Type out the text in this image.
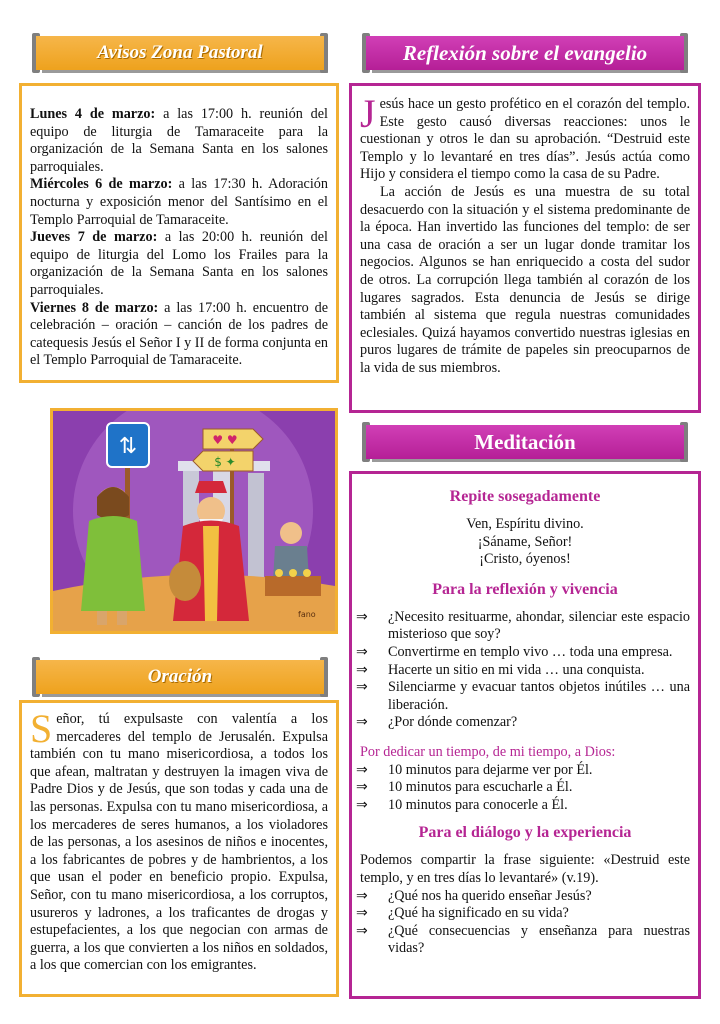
Avisos Zona Pastoral

Lunes 4 de marzo: a las 17:00 h. reunión del equipo de liturgia de Tamaraceite para la organización de la Semana Santa en los salones parroquiales.

Miércoles 6 de marzo: a las 17:30 h. Adoración nocturna y exposición menor del Santísimo en el Templo Parroquial de Tamaraceite.

Jueves 7 de marzo: a las 20:00 h. reunión del equipo de liturgia del Lomo los Frailes para la organización de la Semana Santa en los salones parroquiales.

Viernes 8 de marzo: a las 17:00 h. encuentro de celebración – oración – canción de los padres de catequesis Jesús el Señor I y II de forma conjunta en el Templo Parroquial de Tamaraceite.

Reflexión sobre el evangelio

Jesús hace un gesto profético en el corazón del templo. Este gesto causó diversas reacciones: unos le cuestionan y otros le dan su aprobación. “Destruid este Templo y lo levantaré en tres días”. Jesús actúa como Hijo y considera el tiempo como la casa de su Padre.

La acción de Jesús es una muestra de su total desacuerdo con la situación y el sistema predominante de la época. Han invertido las funciones del templo: de ser una casa de oración a ser un lugar donde tramitar los negocios. Algunos se han enriquecido a costa del sudor de otros. La corrupción llega también al corazón de los lugares sagrados. Esta denuncia de Jesús se dirige también al sistema que regula nuestras comunidades eclesiales. Quizá hayamos convertido nuestras iglesias en puros lugares de trámite de papeles sin preocuparnos de la vida de sus miembros.

⇅	♥ ♥
$ ✦
fano
Oración

Señor, tú expulsaste con valentía a los mercaderes del templo de Jerusalén. Expulsa también con tu mano misericordiosa, a todos los que afean, maltratan y destruyen la imagen viva de Padre Dios y de Jesús, que son todas y cada una de las personas. Expulsa con tu mano misericordiosa, a los mercaderes de seres humanos, a los violadores de las personas, a los asesinos de niños e inocentes, a los fabricantes de pobres y de hambrientos, a los que usan el poder en beneficio propio. Expulsa, Señor, con tu mano misericordiosa, a los corruptos, usureros y ladrones, a los traficantes de drogas y estupefacientes, a los que negocian con armas de guerra, a los que convierten a los niños en soldados, a los que comercian con los emigrantes.

Meditación
Repite sosegadamente
Ven, Espíritu divino.
¡Sáname, Señor!
¡Cristo, óyenos!
Para la reflexión y vivencia
⇒ ¿Necesito resituarme, ahondar, silenciar este espacio misterioso que soy?
⇒ Convertirme en templo vivo … toda una empresa.
⇒ Hacerte un sitio en mi vida … una conquista.
⇒ Silenciarme y evacuar tantos objetos inútiles … una liberación.
⇒ ¿Por dónde comenzar?
Por dedicar un tiempo, de mi tiempo, a Dios:
⇒ 10 minutos para dejarme ver por Él.
⇒ 10 minutos para escucharle a Él.
⇒ 10 minutos para conocerle a Él.
Para el diálogo y la experiencia

Podemos compartir la frase siguiente: «Destruid este templo, y en tres días lo levantaré» (v.19).

⇒ ¿Qué nos ha querido enseñar Jesús?
⇒ ¿Qué ha significado en su vida?
⇒ ¿Qué consecuencias y enseñanza para nuestras vidas?
